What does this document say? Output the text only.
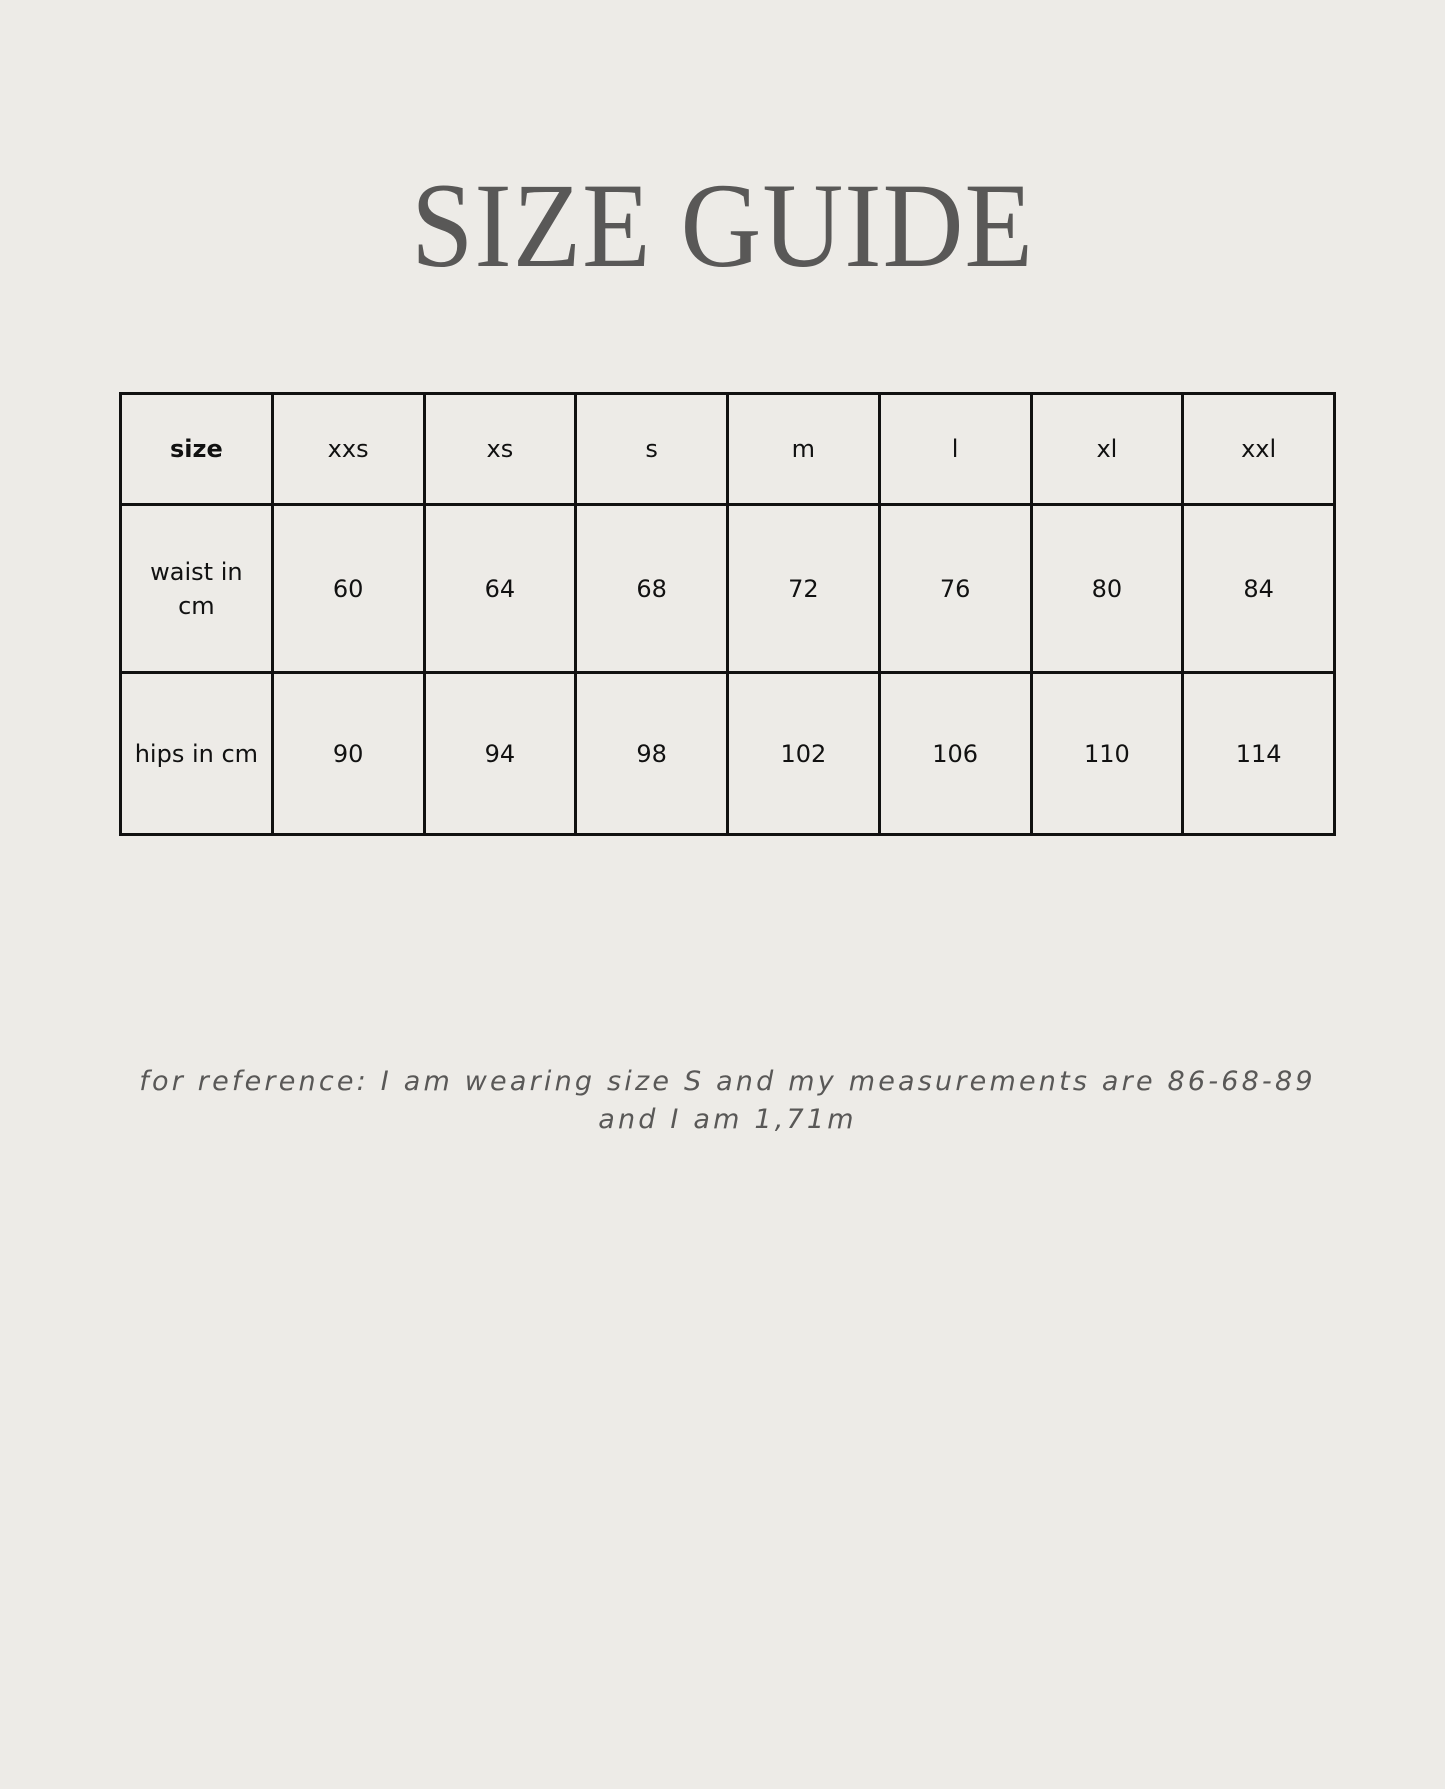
SIZE GUIDE
size	xxs	xs	s	m	l	xl	xxl
waist in cm	60	64	68	72	76	80	84
hips in cm	90	94	98	102	106	110	114

for reference: I am wearing size S and my measurements are 86-68-89 and I am 1,71m
